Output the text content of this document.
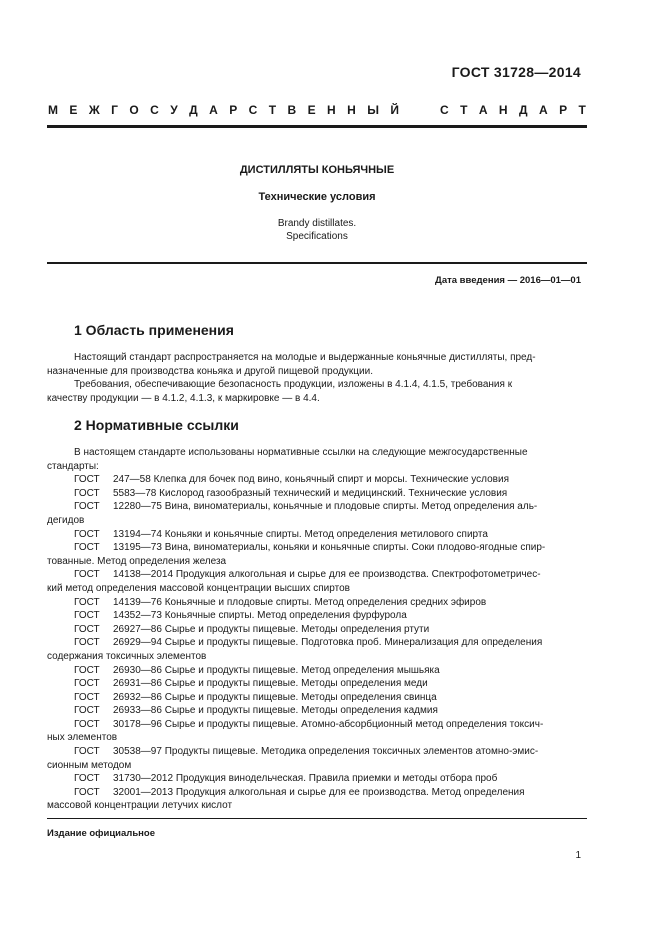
ГОСТ 31728—2014
М Е Ж Г О С У Д А Р С Т В Е Н Н Ы Й

	С Т А Н Д А Р Т
ДИСТИЛЛЯТЫ КОНЬЯЧНЫЕ
Технические условия
Brandy distillates.
Specifications
Дата введения — 2016—01—01
1 Область применения

Настоящий стандарт распространяется на молодые и выдержанные коньячные дистилляты, пред-

назначенные для производства коньяка и другой пищевой продукции.

Требования, обеспечивающие безопасность продукции, изложены в 4.1.4, 4.1.5, требования к

качеству продукции — в 4.1.2, 4.1.3, к маркировке — в 4.4.

2 Нормативные ссылки

В настоящем стандарте использованы нормативные ссылки на следующие межгосударственные

стандарты:

ГОСТ 247—58 Клепка для бочек под вино, коньячный спирт и морсы. Технические условия

ГОСТ 5583—78 Кислород газообразный технический и медицинский. Технические условия

ГОСТ 12280—75 Вина, виноматериалы, коньячные и плодовые спирты. Метод определения аль-

дегидов

ГОСТ 13194—74 Коньяки и коньячные спирты. Метод определения метилового спирта

ГОСТ 13195—73 Вина, виноматериалы, коньяки и коньячные спирты. Соки плодово-ягодные спир-

тованные. Метод определения железа

ГОСТ 14138—2014 Продукция алкогольная и сырье для ее производства. Спектрофотометричес-

кий метод определения массовой концентрации высших спиртов

ГОСТ 14139—76 Коньячные и плодовые спирты. Метод определения средних эфиров

ГОСТ 14352—73 Коньячные спирты. Метод определения фурфурола

ГОСТ 26927—86 Сырье и продукты пищевые. Методы определения ртути

ГОСТ 26929—94 Сырье и продукты пищевые. Подготовка проб. Минерализация для определения

содержания токсичных элементов

ГОСТ 26930—86 Сырье и продукты пищевые. Метод определения мышьяка

ГОСТ 26931—86 Сырье и продукты пищевые. Методы определения меди

ГОСТ 26932—86 Сырье и продукты пищевые. Методы определения свинца

ГОСТ 26933—86 Сырье и продукты пищевые. Методы определения кадмия

ГОСТ 30178—96 Сырье и продукты пищевые. Атомно-абсорбционный метод определения токсич-

ных элементов

ГОСТ 30538—97 Продукты пищевые. Методика определения токсичных элементов атомно-эмис-

сионным методом

ГОСТ 31730—2012 Продукция винодельческая. Правила приемки и методы отбора проб

ГОСТ 32001—2013 Продукция алкогольная и сырье для ее производства. Метод определения

массовой концентрации летучих кислот

Издание официальное
1
